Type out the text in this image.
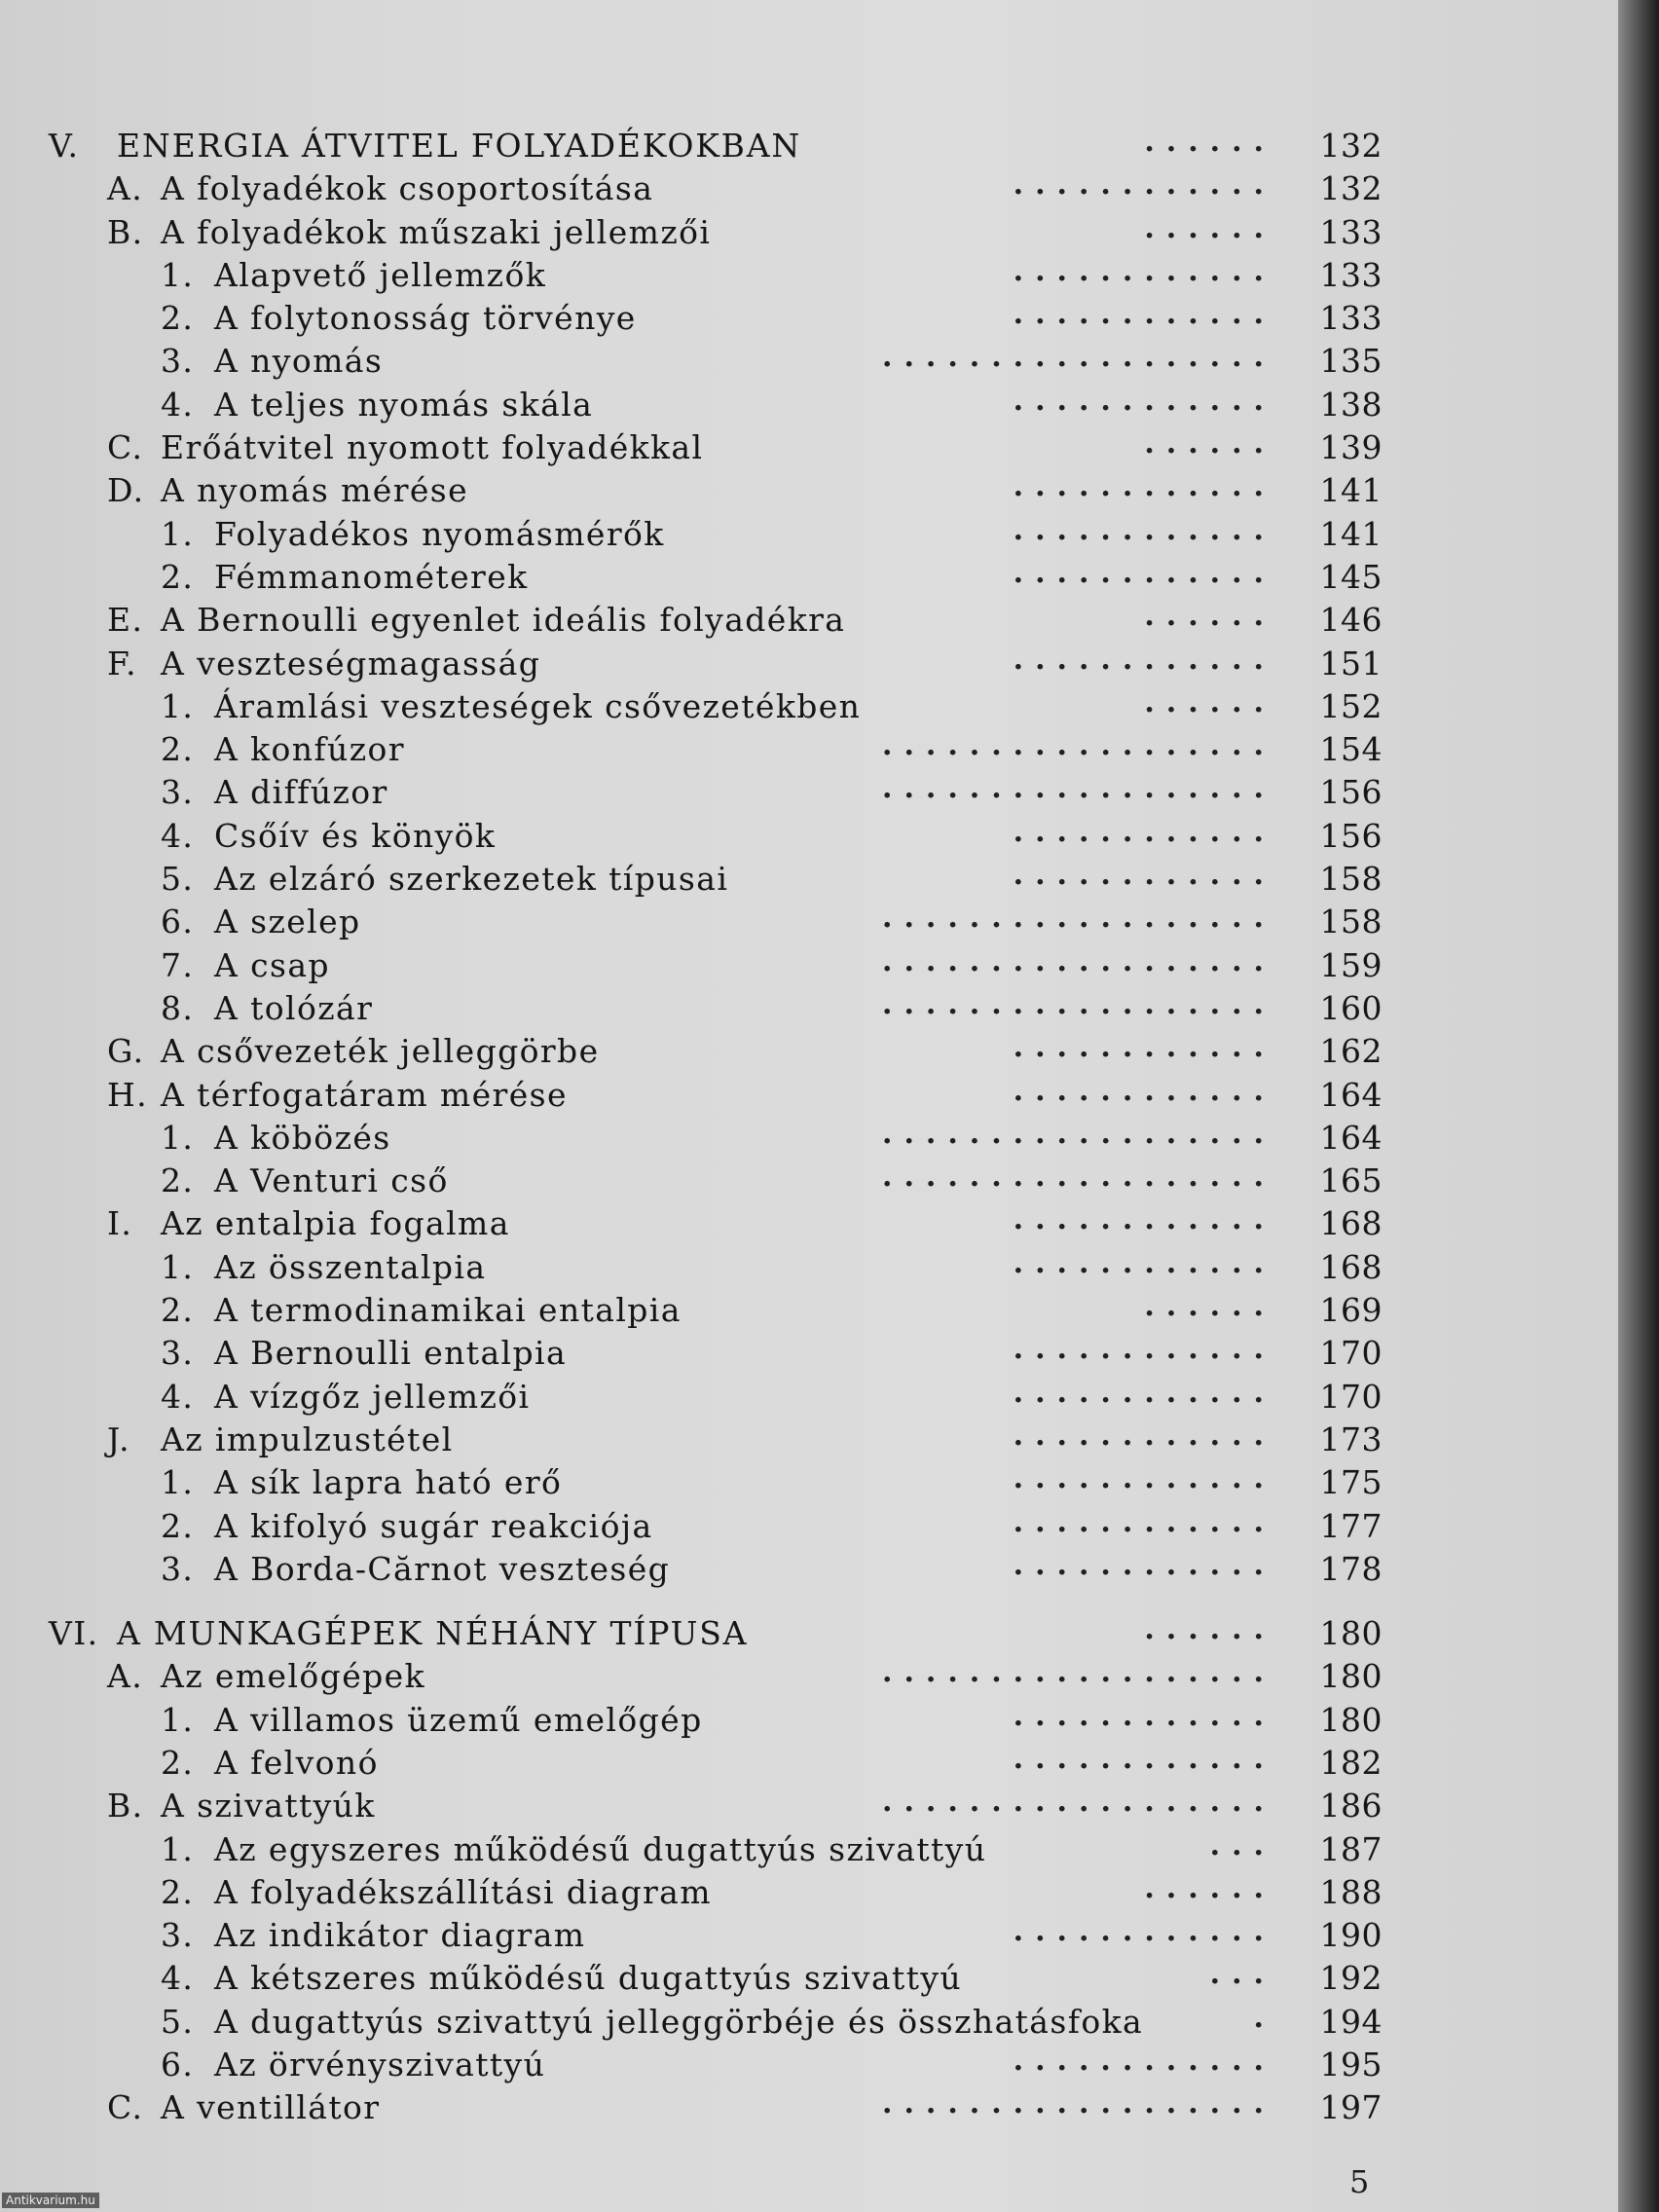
V. ENERGIA ÁTVITEL FOLYADÉKOKBAN	......	132
A. A folyadékok csoportosítása	............	132
B. A folyadékok műszaki jellemzői	......	133
1. Alapvető jellemzők	............	133
2. A folytonosság törvénye	............	133
3. A nyomás	..................	135
4. A teljes nyomás skála	............	138
C. Erőátvitel nyomott folyadékkal	......	139
D. A nyomás mérése	............	141
1. Folyadékos nyomásmérők	............	141
2. Fémmanométerek	............	145
E. A Bernoulli egyenlet ideális folyadékra	......	146
F. A veszteségmagasság	............	151
1. Áramlási veszteségek csővezetékben	......	152
2. A konfúzor	..................	154
3. A diffúzor	..................	156
4. Csőív és könyök	............	156
5. Az elzáró szerkezetek típusai	............	158
6. A szelep	..................	158
7. A csap	..................	159
8. A tolózár	..................	160
G. A csővezeték jelleggörbe	............	162
H. A térfogatáram mérése	............	164
1. A köbözés	..................	164
2. A Venturi cső	..................	165
I. Az entalpia fogalma	............	168
1. Az összentalpia	............	168
2. A termodinamikai entalpia	......	169
3. A Bernoulli entalpia	............	170
4. A vízgőz jellemzői	............	170
J. Az impulzustétel	............	173
1. A sík lapra ható erő	............	175
2. A kifolyó sugár reakciója	............	177
3. A Borda-Cărnot veszteség	............	178
VI. A MUNKAGÉPEK NÉHÁNY TÍPUSA	......	180
A. Az emelőgépek	..................	180
1. A villamos üzemű emelőgép	............	180
2. A felvonó	............	182
B. A szivattyúk	..................	186
1. Az egyszeres működésű dugattyús szivattyú	...	187
2. A folyadékszállítási diagram	......	188
3. Az indikátor diagram	............	190
4. A kétszeres működésű dugattyús szivattyú	...	192
5. A dugattyús szivattyú jelleggörbéje és összhatásfoka	.	194
6. Az örvényszivattyú	............	195
C. A ventillátor	..................	197
5
Antikvarium.hu
